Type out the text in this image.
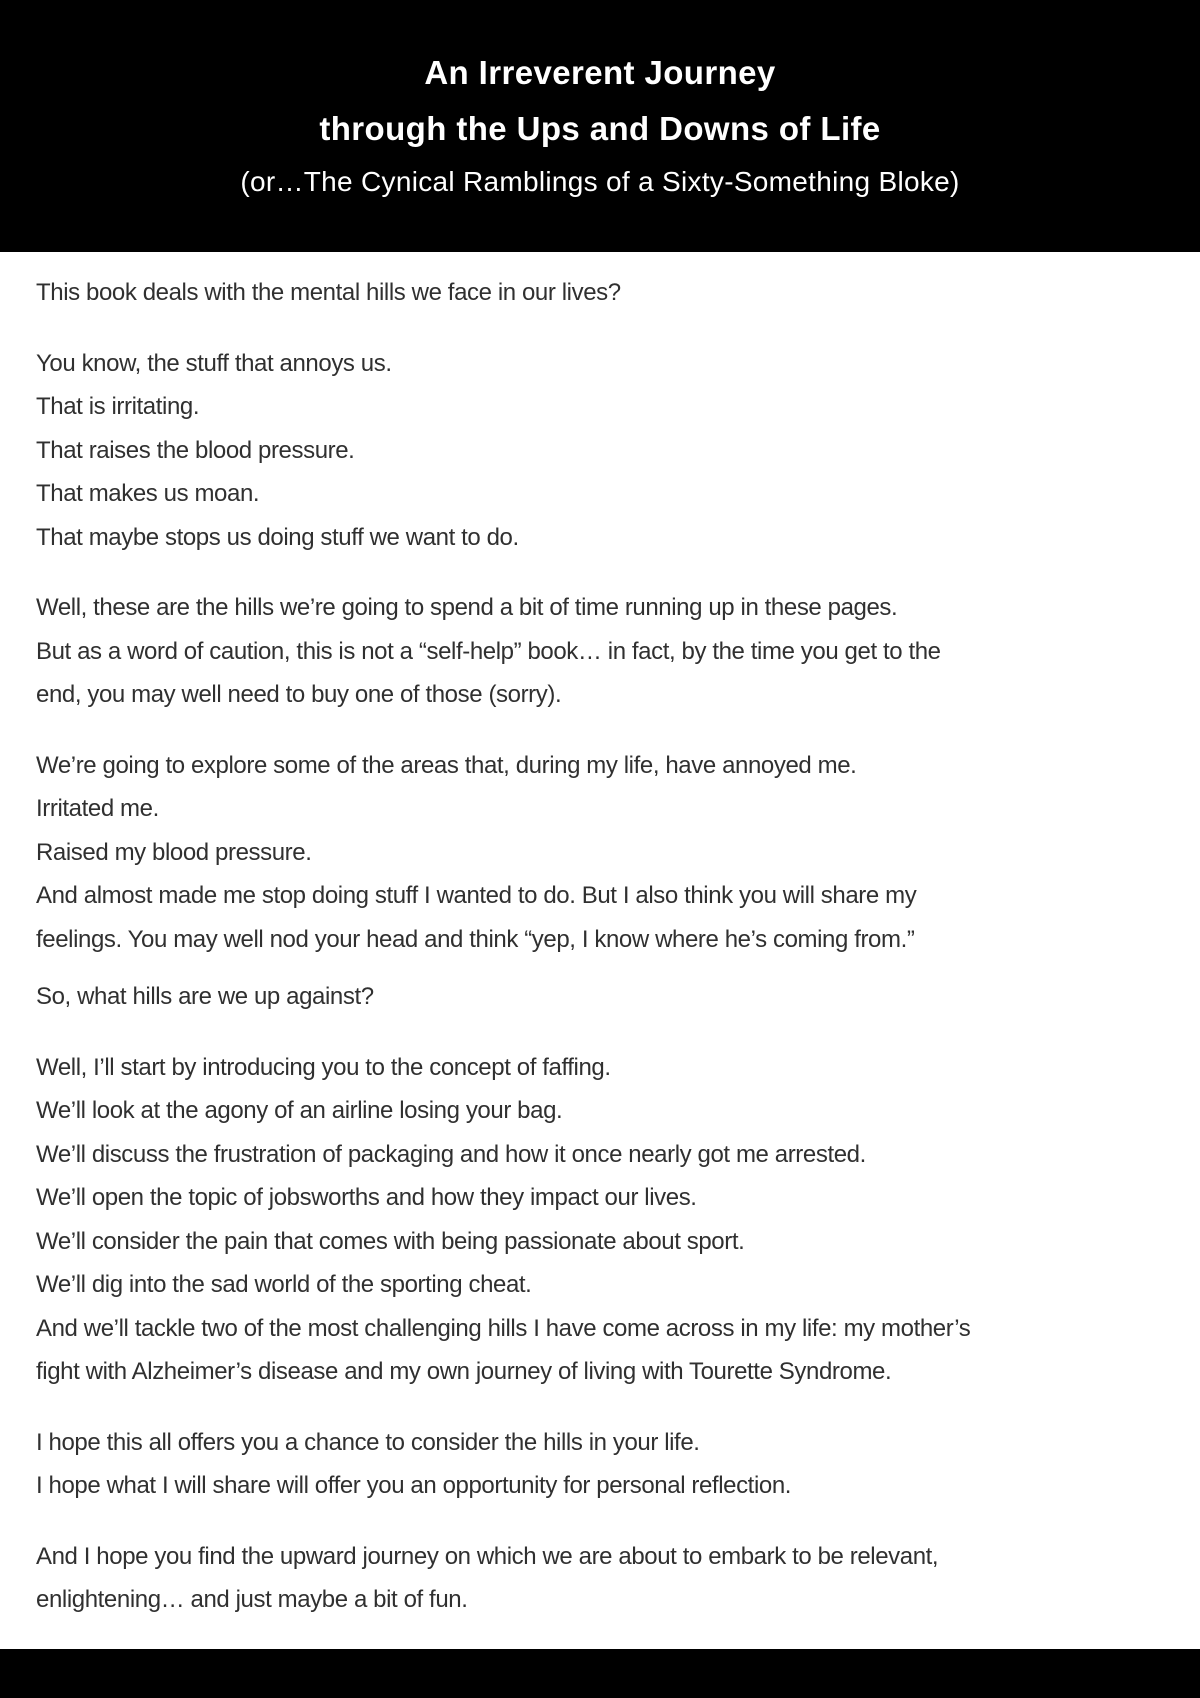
An Irreverent Journey
through the Ups and Downs of Life
(or…The Cynical Ramblings of a Sixty-Something Bloke)
This book deals with the mental hills we face in our lives?
You know, the stuff that annoys us.
That is irritating.
That raises the blood pressure.
That makes us moan.
That maybe stops us doing stuff we want to do.
Well, these are the hills we’re going to spend a bit of time running up in these pages.
But as a word of caution, this is not a “self-help” book… in fact, by the time you get to the
end, you may well need to buy one of those (sorry).
We’re going to explore some of the areas that, during my life, have annoyed me.
Irritated me.
Raised my blood pressure.
And almost made me stop doing stuff I wanted to do. But I also think you will share my
feelings. You may well nod your head and think “yep, I know where he’s coming from.”
So, what hills are we up against?
Well, I’ll start by introducing you to the concept of faffing.
We’ll look at the agony of an airline losing your bag.
We’ll discuss the frustration of packaging and how it once nearly got me arrested.
We’ll open the topic of jobsworths and how they impact our lives.
We’ll consider the pain that comes with being passionate about sport.
We’ll dig into the sad world of the sporting cheat.
And we’ll tackle two of the most challenging hills I have come across in my life: my mother’s
fight with Alzheimer’s disease and my own journey of living with Tourette Syndrome.
I hope this all offers you a chance to consider the hills in your life.
I hope what I will share will offer you an opportunity for personal reflection.
And I hope you find the upward journey on which we are about to embark to be relevant,
enlightening… and just maybe a bit of fun.
